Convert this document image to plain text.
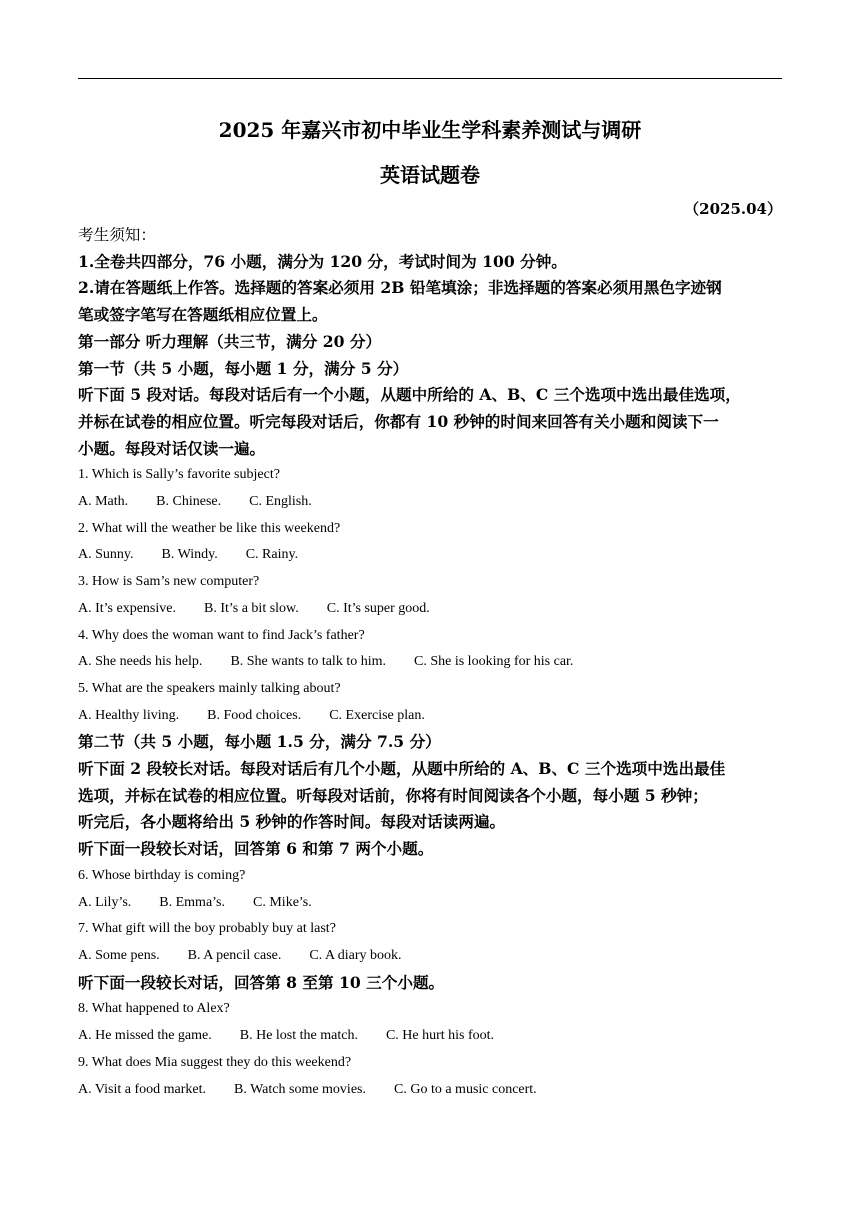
2025 年嘉兴市初中毕业生学科素养测试与调研
英语试题卷
（2025.04）

考生须知：

1.全卷共四部分，76 小题，满分为 120 分，考试时间为 100 分钟。

2.请在答题纸上作答。选择题的答案必须用 2B 铅笔填涂；非选择题的答案必须用黑色字迹钢

笔或签字笔写在答题纸相应位置上。

第一部分 听力理解（共三节，满分 20 分）

第一节（共 5 小题，每小题 1 分，满分 5 分）

听下面 5 段对话。每段对话后有一个小题，从题中所给的 A、B、C 三个选项中选出最佳选项，

并标在试卷的相应位置。听完每段对话后，你都有 10 秒钟的时间来回答有关小题和阅读下一

小题。每段对话仅读一遍。

1. Which is Sally’s favorite subject?

A. Math. B. Chinese. C. English.

2. What will the weather be like this weekend?

A. Sunny. B. Windy. C. Rainy.

3. How is Sam’s new computer?

A. It’s expensive. B. It’s a bit slow. C. It’s super good.

4. Why does the woman want to find Jack’s father?

A. She needs his help. B. She wants to talk to him. C. She is looking for his car.

5. What are the speakers mainly talking about?

A. Healthy living. B. Food choices. C. Exercise plan.

第二节（共 5 小题，每小题 1.5 分，满分 7.5 分）

听下面 2 段较长对话。每段对话后有几个小题，从题中所给的 A、B、C 三个选项中选出最佳

选项，并标在试卷的相应位置。听每段对话前，你将有时间阅读各个小题，每小题 5 秒钟；

听完后，各小题将给出 5 秒钟的作答时间。每段对话读两遍。

听下面一段较长对话，回答第 6 和第 7 两个小题。

6. Whose birthday is coming?

A. Lily’s. B. Emma’s. C. Mike’s.

7. What gift will the boy probably buy at last?

A. Some pens. B. A pencil case. C. A diary book.

听下面一段较长对话，回答第 8 至第 10 三个小题。

8. What happened to Alex?

A. He missed the game. B. He lost the match. C. He hurt his foot.

9. What does Mia suggest they do this weekend?

A. Visit a food market. B. Watch some movies. C. Go to a music concert.
